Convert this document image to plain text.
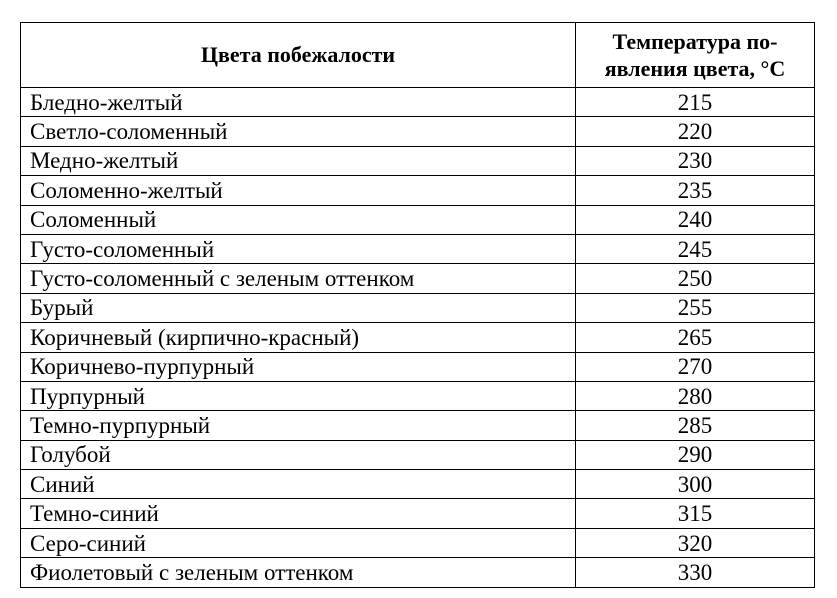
Цвета побежалости	Температура по-
явления цвета, °С
Бледно-желтый	215
Светло-соломенный	220
Медно-желтый	230
Соломенно-желтый	235
Соломенный	240
Густо-соломенный	245
Густо-соломенный с зеленым оттенком	250
Бурый	255
Коричневый (кирпично-красный)	265
Коричнево-пурпурный	270
Пурпурный	280
Темно-пурпурный	285
Голубой	290
Синий	300
Темно-синий	315
Серо-синий	320
Фиолетовый с зеленым оттенком	330
